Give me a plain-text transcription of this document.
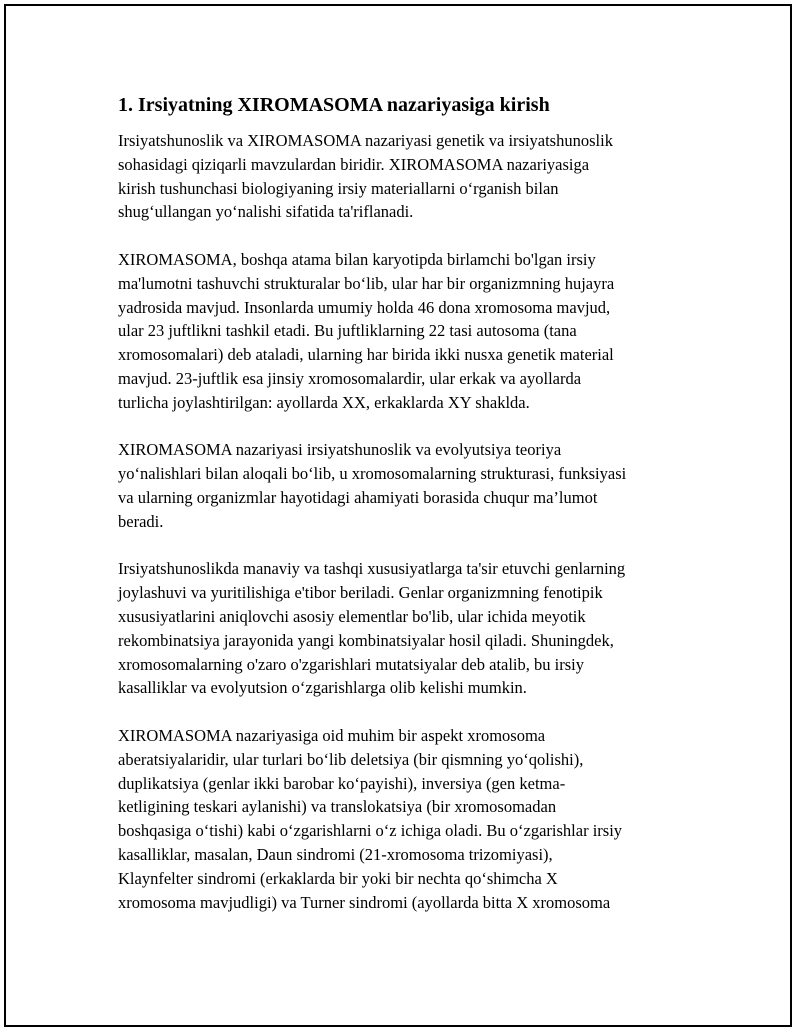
1. Irsiyatning XIROMASOMA nazariyasiga kirish

Irsiyatshunoslik va XIROMASOMA nazariyasi genetik va irsiyatshunoslik
sohasidagi qiziqarli mavzulardan biridir. XIROMASOMA nazariyasiga
kirish tushunchasi biologiyaning irsiy materiallarni o‘rganish bilan
shug‘ullangan yo‘nalishi sifatida ta'riflanadi.

XIROMASOMA, boshqa atama bilan karyotipda birlamchi bo'lgan irsiy
ma'lumotni tashuvchi strukturalar bo‘lib, ular har bir organizmning hujayra
yadrosida mavjud. Insonlarda umumiy holda 46 dona xromosoma mavjud,
ular 23 juftlikni tashkil etadi. Bu juftliklarning 22 tasi autosoma (tana
xromosomalari) deb ataladi, ularning har birida ikki nusxa genetik material
mavjud. 23-juftlik esa jinsiy xromosomalardir, ular erkak va ayollarda
turlicha joylashtirilgan: ayollarda XX, erkaklarda XY shaklda.

XIROMASOMA nazariyasi irsiyatshunoslik va evolyutsiya teoriya
yo‘nalishlari bilan aloqali bo‘lib, u xromosomalarning strukturasi, funksiyasi
va ularning organizmlar hayotidagi ahamiyati borasida chuqur ma’lumot
beradi.

Irsiyatshunoslikda manaviy va tashqi xususiyatlarga ta'sir etuvchi genlarning
joylashuvi va yuritilishiga e'tibor beriladi. Genlar organizmning fenotipik
xususiyatlarini aniqlovchi asosiy elementlar bo'lib, ular ichida meyotik
rekombinatsiya jarayonida yangi kombinatsiyalar hosil qiladi. Shuningdek,
xromosomalarning o'zaro o'zgarishlari mutatsiyalar deb atalib, bu irsiy
kasalliklar va evolyutsion o‘zgarishlarga olib kelishi mumkin.

XIROMASOMA nazariyasiga oid muhim bir aspekt xromosoma
aberatsiyalaridir, ular turlari bo‘lib deletsiya (bir qismning yo‘qolishi),
duplikatsiya (genlar ikki barobar ko‘payishi), inversiya (gen ketma-
ketligining teskari aylanishi) va translokatsiya (bir xromosomadan
boshqasiga o‘tishi) kabi o‘zgarishlarni o‘z ichiga oladi. Bu o‘zgarishlar irsiy
kasalliklar, masalan, Daun sindromi (21-xromosoma trizomiyasi),
Klaynfelter sindromi (erkaklarda bir yoki bir nechta qo‘shimcha X
xromosoma mavjudligi) va Turner sindromi (ayollarda bitta X xromosoma
